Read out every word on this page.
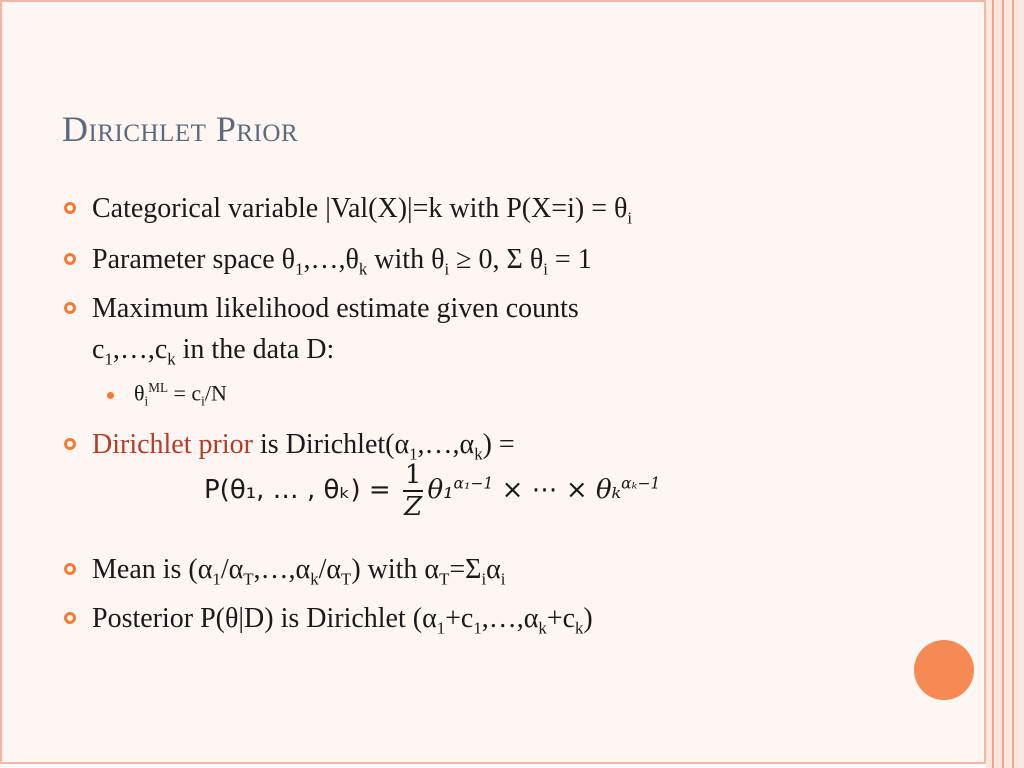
Dirichlet Prior
Categorical variable |Val(X)|=k with $P(X=i) = \theta_i$
Parameter space $\theta_1,\dots,\theta_k$ with $\theta_i \ge 0$, Σ $\theta_i = 1$
Maximum likelihood estimate given counts
$c_1,\dots,c_k$ in the data D:
$\theta_i^{ML} = c_i/N$
Dirichlet prior is $Dirichlet(\alpha_1,\dots,\alpha_k)$ =
P(θ₁, … , $\theta_k) = \frac{1}{Z} \theta_1^{\alpha_1-1}$ × ⋯ × θₖ$^{\alpha_k-1}$
Mean is $(\alpha_1/\alpha_T,\dots,\alpha_k/\alpha_T)$ with $\alpha_T=\Sigma_i\alpha_i$
Posterior P(θ|D) is Dirichlet $(\alpha_1+c_1,\dots,\alpha_k+c_k)$
